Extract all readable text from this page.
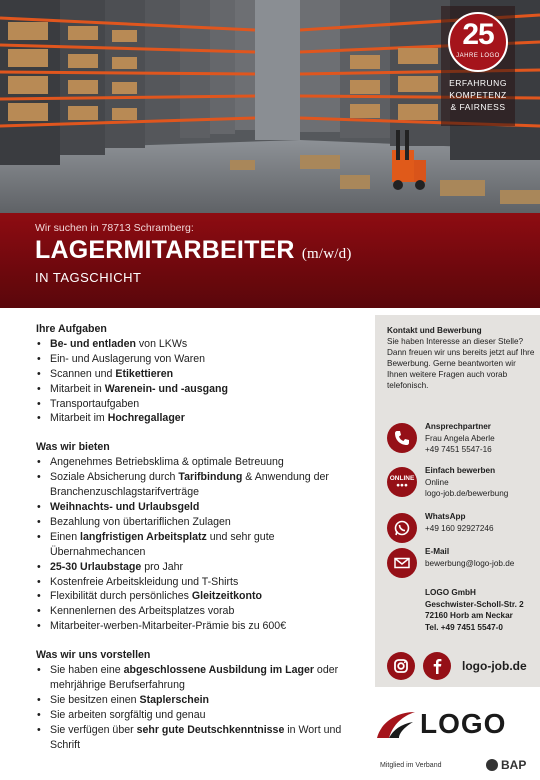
25
JAHRE LOGO
ERFAHRUNG
KOMPETENZ
& FAIRNESS
Wir suchen in 78713 Schramberg:
LAGERMITARBEITER (m/w/d)
IN TAGSCHICHT
Ihre Aufgaben
• Be- und entladen von LKWs
• Ein- und Auslagerung von Waren
• Scannen und Etikettieren
• Mitarbeit in Warenein- und -ausgang
• Transportaufgaben
• Mitarbeit im Hochregallager
Was wir bieten
• Angenehmes Betriebsklima & optimale Betreuung
• Soziale Absicherung durch Tarifbindung & Anwendung der Branchenzuschlagstarifverträge
• Weihnachts- und Urlaubsgeld
• Bezahlung von übertariflichen Zulagen
• Einen langfristigen Arbeitsplatz und sehr gute Übernahmechancen
• 25-30 Urlaubstage pro Jahr
• Kostenfreie Arbeitskleidung und T-Shirts
• Flexibilität durch persönliches Gleitzeitkonto
• Kennenlernen des Arbeitsplatzes vorab
• Mitarbeiter-werben-Mitarbeiter-Prämie bis zu 600€
Was wir uns vorstellen
• Sie haben eine abgeschlossene Ausbildung im Lager oder mehrjährige Berufserfahrung
• Sie besitzen einen Staplerschein
• Sie arbeiten sorgfältig und genau
• Sie verfügen über sehr gute Deutschkenntnisse in Wort und Schrift
Kontakt und Bewerbung
Sie haben Interesse an dieser Stelle? Dann freuen wir uns bereits jetzt auf Ihre Bewerbung. Gerne beantworten wir Ihnen weitere Fragen auch vorab telefonisch.
Ansprechpartner
Frau Angela Aberle
+49 7451 5547-16
ONLINE
●●●
Einfach bewerben
Online
logo-job.de/bewerbung
WhatsApp
+49 160 92927246
E-Mail
bewerbung@logo-job.de
LOGO GmbH
Geschwister-Scholl-Str. 2
72160 Horb am Neckar
Tel. +49 7451 5547-0
logo-job.de
LOGO
Mitglied im Verband	BAP
